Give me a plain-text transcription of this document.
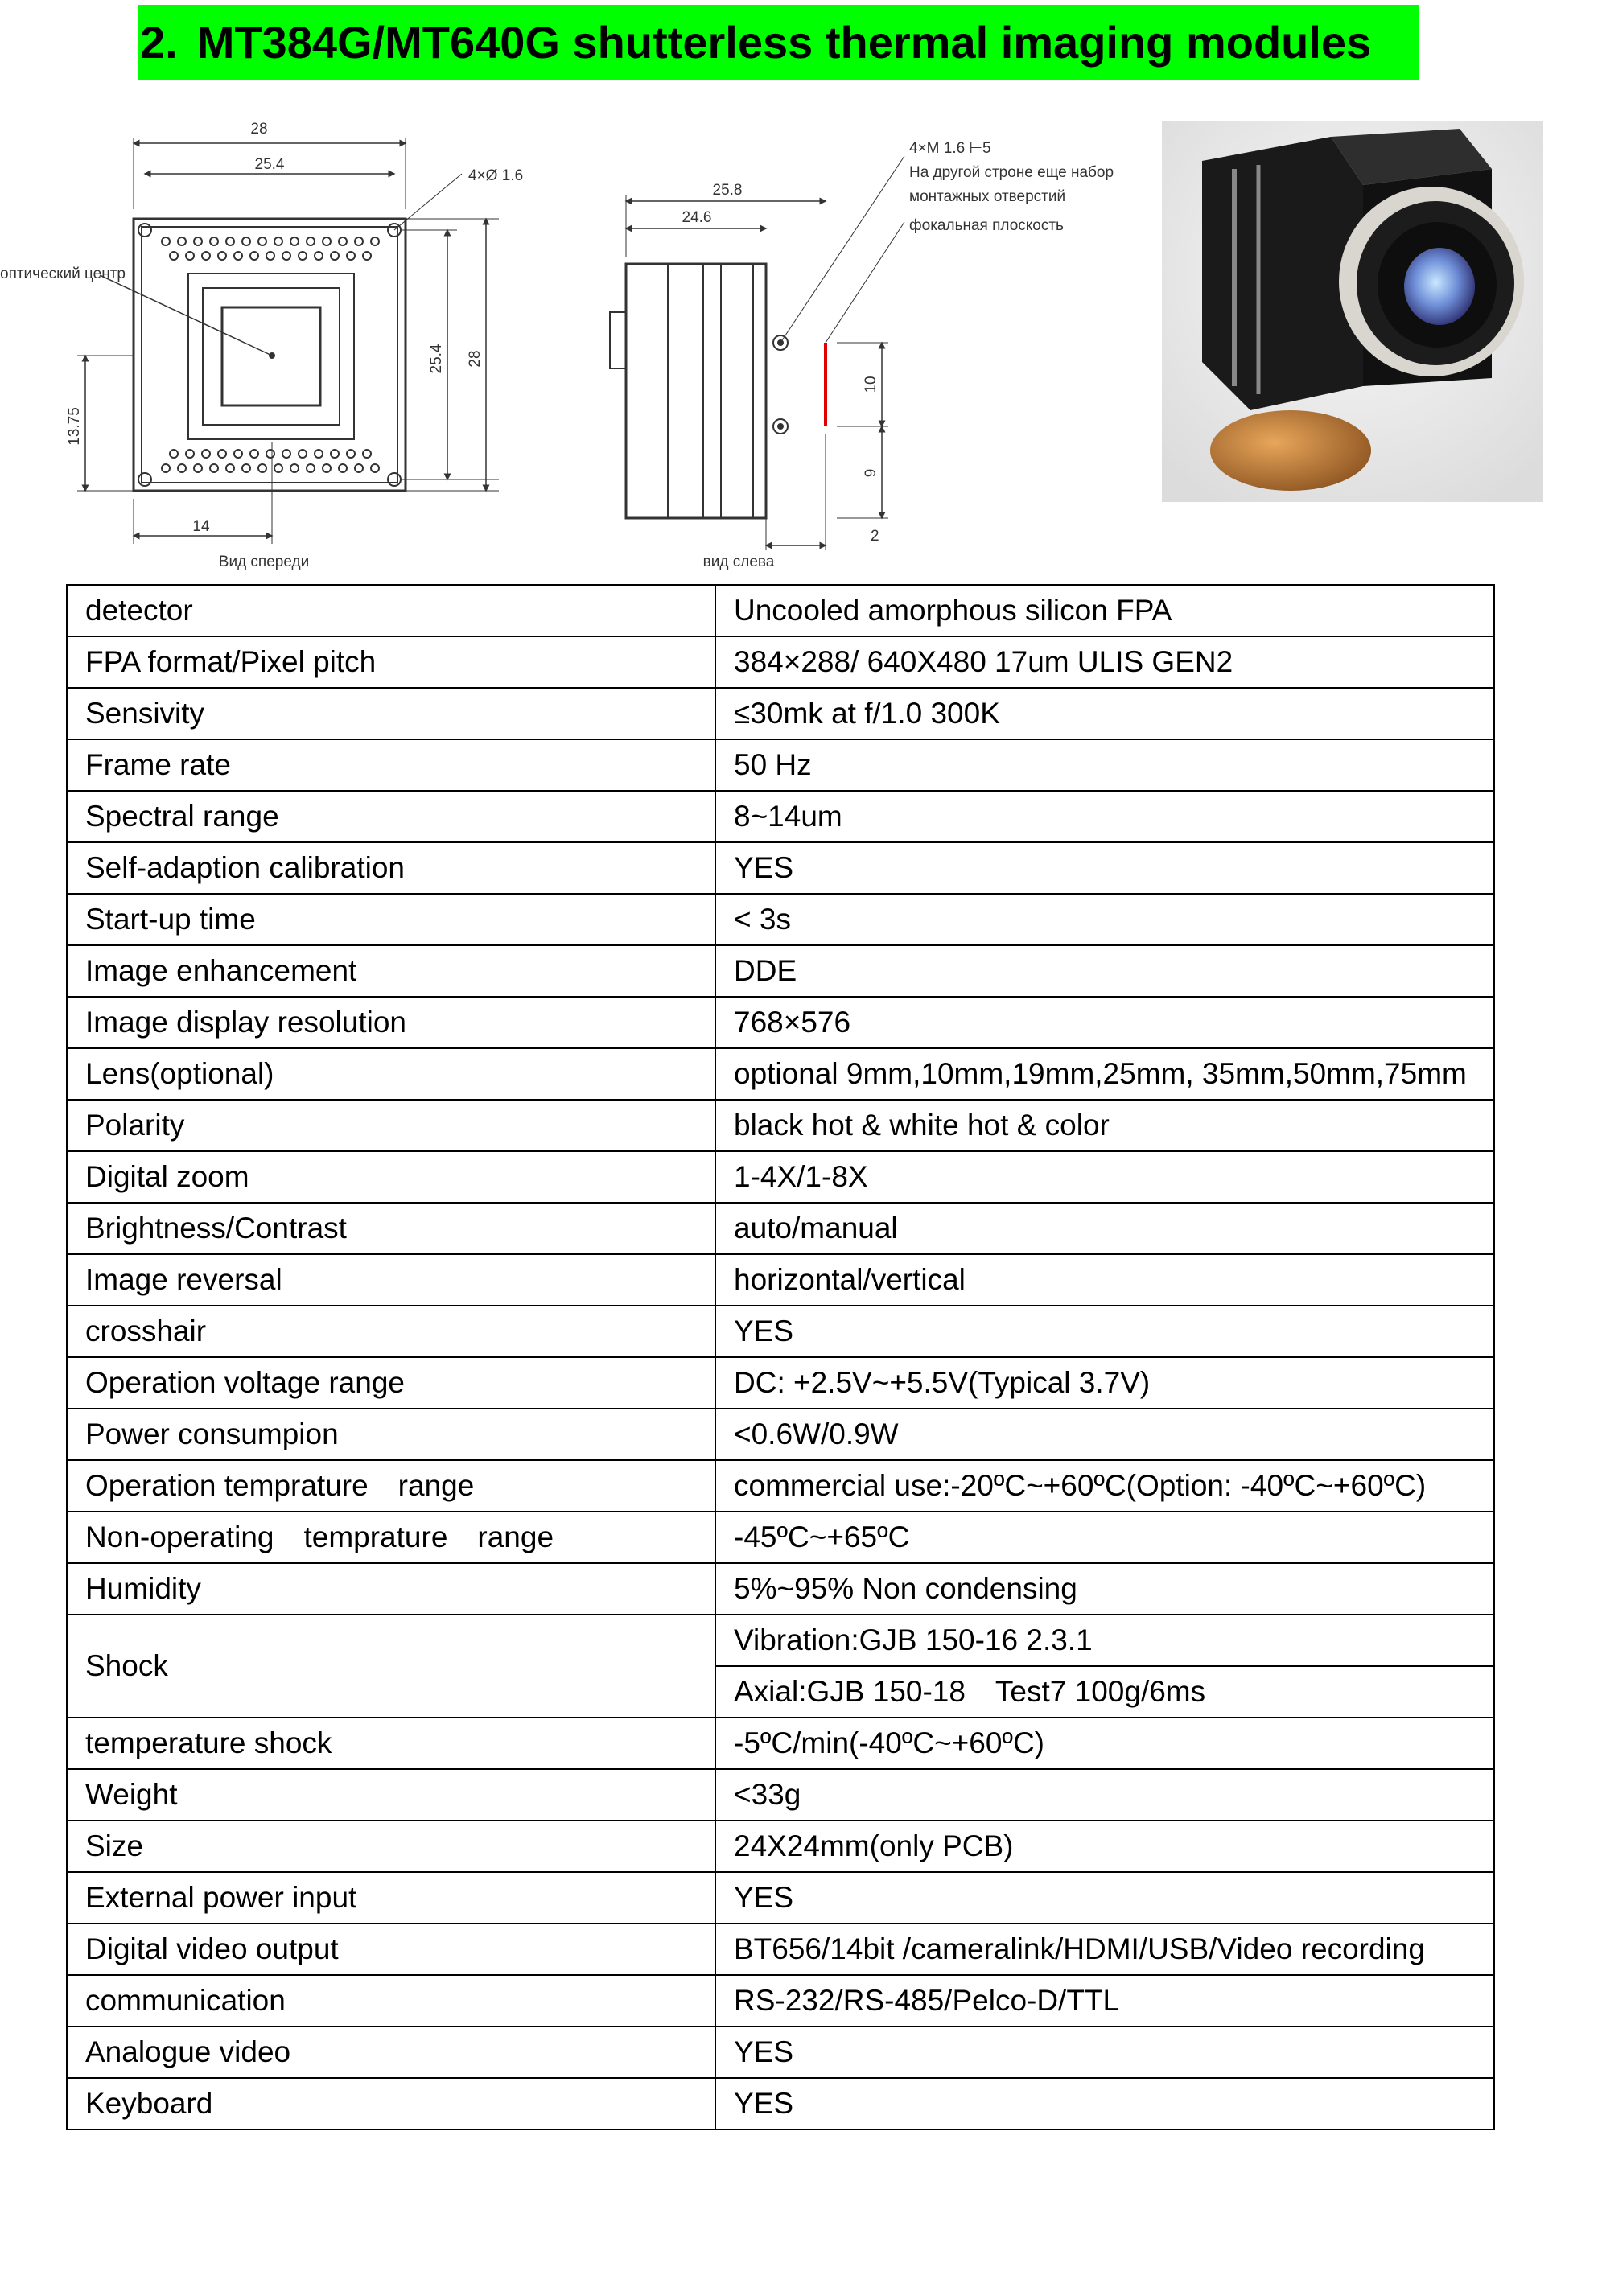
2. MT384G/MT640G shutterless thermal imaging modules
28
25.4
4×Ø 1.6
25.4 28
13.75
14
оптический центр
Вид спереди
25.8
24.6
10
9
2
4×M 1.6 ⊢5
На другой строне еще набор
монтажных отверстий
фокальная плоскость
вид слева
detector	Uncooled amorphous silicon FPA
FPA format/Pixel pitch	384×288/ 640X480 17um ULIS GEN2
Sensivity	≤30mk at f/1.0 300K
Frame rate	50 Hz
Spectral range	8~14um
Self-adaption calibration	YES
Start-up time	< 3s
Image enhancement	DDE
Image display resolution	768×576
Lens(optional)	optional 9mm,10mm,19mm,25mm, 35mm,50mm,75mm
Polarity	black hot & white hot & color
Digital zoom	1-4X/1-8X
Brightness/Contrast	auto/manual
Image reversal	horizontal/vertical
crosshair	YES
Operation voltage range	DC: +2.5V~+5.5V(Typical 3.7V)
Power consumpion	<0.6W/0.9W
Operation temprature range	commercial use:-20ºC~+60ºC(Option: -40ºC~+60ºC)
Non-operating temprature range	-45ºC~+65ºC
Humidity	5%~95% Non condensing
Shock	Vibration:GJB 150-16 2.3.1
	Axial:GJB 150-18 Test7 100g/6ms
temperature shock	-5ºC/min(-40ºC~+60ºC)
Weight	<33g
Size	24X24mm(only PCB)
External power input	YES
Digital video output	BT656/14bit /cameralink/HDMI/USB/Video recording
communication	RS-232/RS-485/Pelco-D/TTL
Analogue video	YES
Keyboard	YES
